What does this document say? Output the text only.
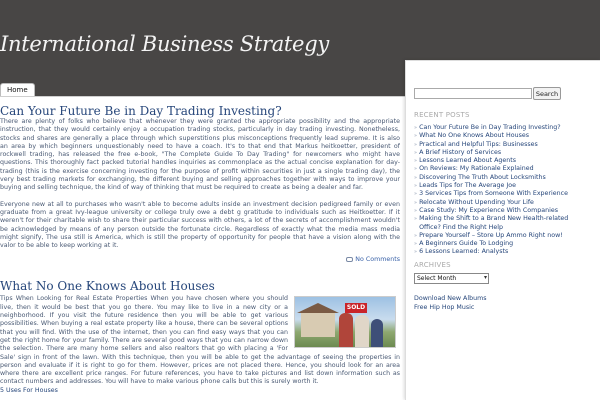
International Business Strategy
Home
Can Your Future Be in Day Trading Investing?

There are plenty of folks who believe that whenever they were granted the appropriate possibility and the appropriate instruction, that they would certainly enjoy a occupation trading stocks, particularly in day trading investing. Nonetheless, stocks and shares are generally a place through which superstitions plus misconceptions frequently lead supreme. It is also an area by which beginners unquestionably need to have a coach. It's to that end that Markus heitkoetter, president of rockwell trading, has released the free e-book, "The Complete Guide To Day Trading" for newcomers who might have questions. This thoroughly fact packed tutorial handles inquiries as commonplace as the actual concise explanation for day-trading (this is the exercise concerning investing for the purpose of profit within securities in just a single trading day), the very best trading markets for exchanging, the different buying and selling approaches together with ways to improve your buying and selling technique, the kind of way of thinking that must be required to create as being a dealer and far.

Everyone new at all to purchases who wasn't able to become adults inside an investment decision pedigreed family or even graduate from a great Ivy-league university or college truly owe a debt g gratitude to individuals such as Heitkoetter. If it weren't for their charitable wish to share their particular success with others, a lot of the secrets of accomplishment wouldn't be acknowledged by means of any person outside the fortunate circle. Regardless of exactly what the media mass media might signify, The usa still is America, which is still the property of opportunity for people that have a vision along with the valor to be able to keep working at it.

No Comments
What No One Knows About Houses
SOLD
Tips When Looking for Real Estate Properties When you have chosen where you should live, then it would be best that you go there. You may like to live in a new city or a neighborhood. If you visit the future residence then you will be able to get various possibilities. When buying a real estate property like a house, there can be several options that you will find. With the use of the internet, then you can find easy ways that you can get the right home for your family. There are several good ways that you can narrow down the selection. There are many home sellers and also realtors that go with placing a 'For Sale' sign in front of the lawn. With this technique, then you will be able to get the advantage of seeing the properties in person and evaluate if it is right to go for them. However, prices are not placed there. Hence, you should look for an area where there are excellent price ranges. For future references, you have to take pictures and list down information such as contact numbers and addresses. You will have to make various phone calls but this is surely worth it.
5 Uses For Houses
Search
RECENT POSTS
» Can Your Future Be in Day Trading Investing?
» What No One Knows About Houses
» Practical and Helpful Tips: Businesses
» A Brief History of Services
» Lessons Learned About Agents
» On Reviews: My Rationale Explained
» Discovering The Truth About Locksmiths
» Leads Tips for The Average Joe
» 3 Services Tips from Someone With Experience
» Relocate Without Upending Your Life
» Case Study: My Experience With Companies
» Making the Shift to a Brand New Health-related
Office? Find the Right Help
» Prepare Yourself – Store Up Ammo Right now!
» A Beginners Guide To Lodging
» 6 Lessons Learned: Analysts
ARCHIVES
Select Month	▾
Download New Albums
Free Hip Hop Music
